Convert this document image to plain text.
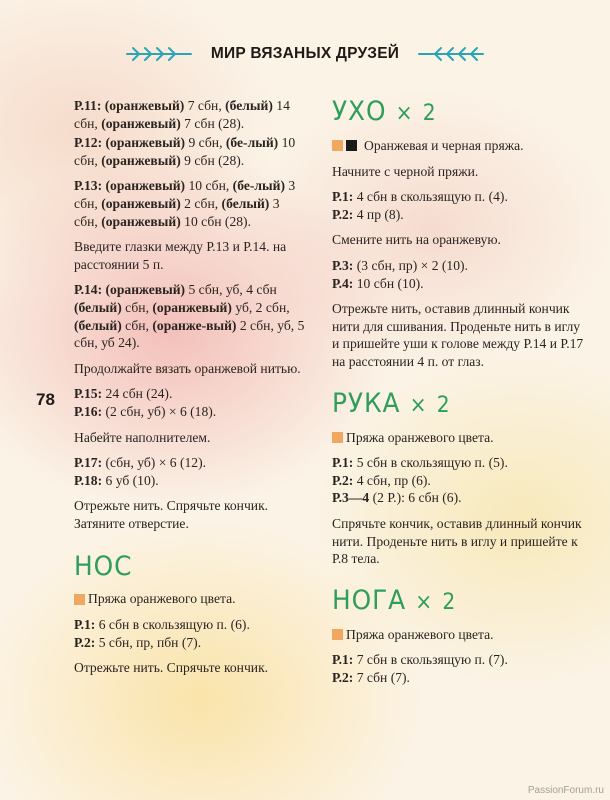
МИР ВЯЗАНЫХ ДРУЗЕЙ
78

Р.11: (оранжевый) 7 сбн, (белый) 14 сбн, (оранжевый) 7 сбн (28).

Р.12: (оранжевый) 9 сбн, (бе-лый) 10 сбн, (оранжевый) 9 сбн (28).

Р.13: (оранжевый) 10 сбн, (бе-лый) 3 сбн, (оранжевый) 2 сбн, (белый) 3 сбн, (оранжевый) 10 сбн (28).

Введите глазки между Р.13 и Р.14. на расстоянии 5 п.

Р.14: (оранжевый) 5 сбн, уб, 4 сбн (белый) сбн, (оранжевый) уб, 2 сбн, (белый) сбн, (оранже-вый) 2 сбн, уб, 5 сбн, уб 24).

Продолжайте вязать оранжевой нитью.

Р.15: 24 сбн (24).

Р.16: (2 сбн, уб) × 6 (18).

Набейте наполнителем.

Р.17: (сбн, уб) × 6 (12).

Р.18: 6 уб (10).

Отрежьте нить. Спрячьте кончик. Затяните отверстие.

НОС

Пряжа оранжевого цвета.

Р.1: 6 сбн в скользящую п. (6).

Р.2: 5 сбн, пр, пбн (7).

Отрежьте нить. Спрячьте кончик.

УХО × 2

Оранжевая и черная пряжа.

Начните с черной пряжи.

Р.1: 4 сбн в скользящую п. (4).

Р.2: 4 пр (8).

Смените нить на оранжевую.

Р.3: (3 сбн, пр) × 2 (10).

Р.4: 10 сбн (10).

Отрежьте нить, оставив длинный кончик нити для сшивания. Проденьте нить в иглу и пришейте уши к голове между Р.14 и Р.17 на расстоянии 4 п. от глаз.

РУКА × 2

Пряжа оранжевого цвета.

Р.1: 5 сбн в скользящую п. (5).

Р.2: 4 сбн, пр (6).

Р.3—4 (2 Р.): 6 сбн (6).

Спрячьте кончик, оставив длинный кончик нити. Проденьте нить в иглу и пришейте к Р.8 тела.

НОГА × 2

Пряжа оранжевого цвета.

Р.1: 7 сбн в скользящую п. (7).

Р.2: 7 сбн (7).

PassionForum.ru
